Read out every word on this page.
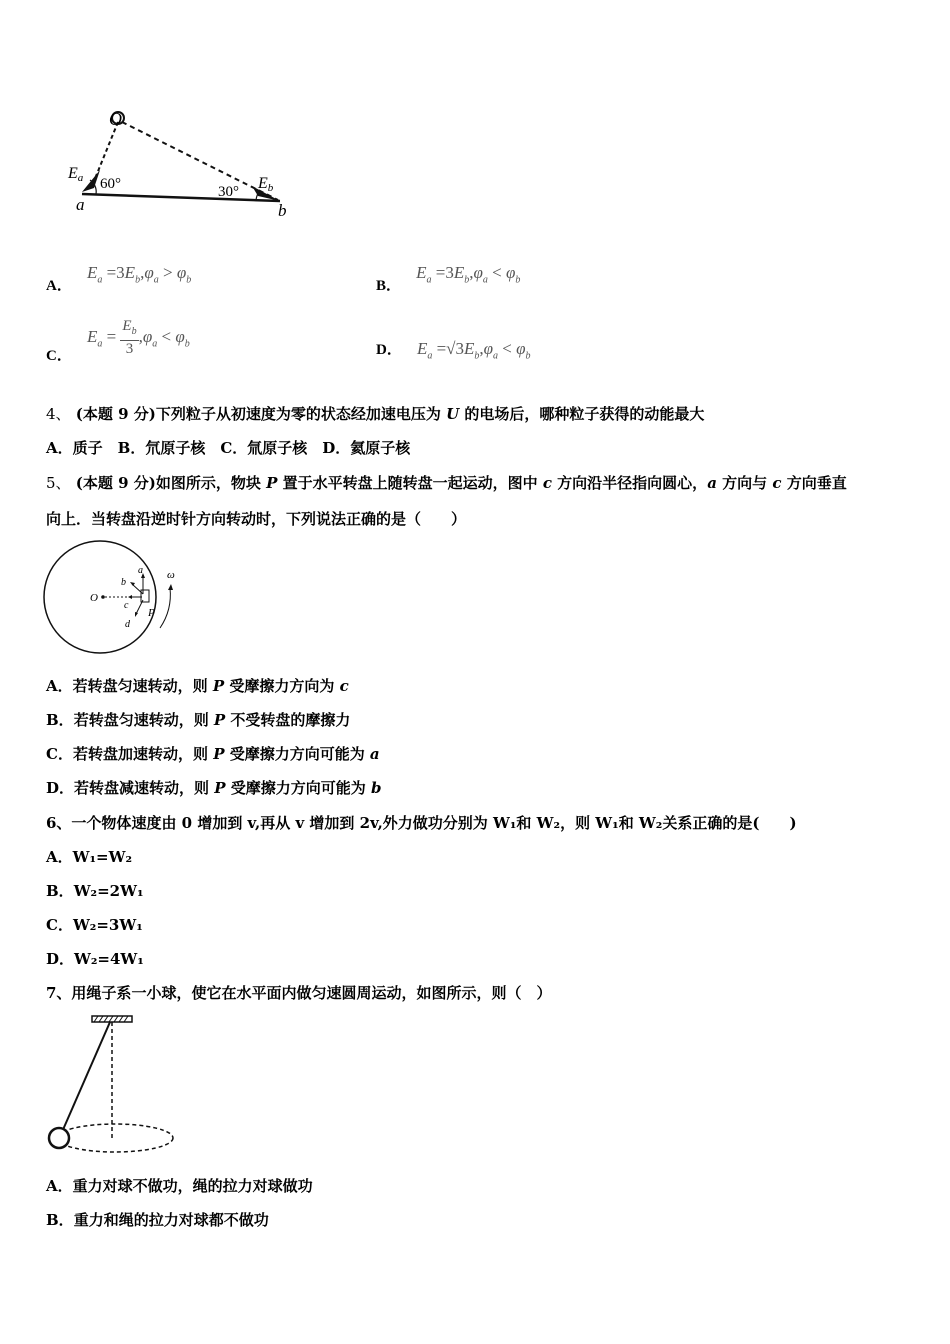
O
Ea 60°	30° Eb
a	b
A． $E_a =3E_b,\varphi_a > \varphi_b$	B． $E_a =3E_b,\varphi_a < \varphi_b$
C． $E_a = \frac{E_b}{3} ,\varphi_a < \varphi_b$	D． $E_a =√3E_b,\varphi_a < \varphi_b$
4、 (本题 9 分)下列粒子从初速度为零的状态经加速电压为 U 的电场后，哪种粒子获得的动能最大
A．质子　B．氘原子核　C．氚原子核　D．氦原子核
5、 (本题 9 分)如图所示，物块 P 置于水平转盘上随转盘一起运动，图中 c 方向沿半径指向圆心，a 方向与 c 方向垂直
向上．当转盘沿逆时针方向转动时，下列说法正确的是（　　）
O
a
b
c
d
P
ω
A．若转盘匀速转动，则 P 受摩擦力方向为 c
B．若转盘匀速转动，则 P 不受转盘的摩擦力
C．若转盘加速转动，则 P 受摩擦力方向可能为 a
D．若转盘减速转动，则 P 受摩擦力方向可能为 b
6、一个物体速度由 0 增加到 v,再从 v 增加到 2v,外力做功分别为 W₁和 W₂，则 W₁和 W₂关系正确的是(　　)
A．W₁=W₂
B．W₂=2W₁
C．W₂=3W₁
D．W₂=4W₁
7、用绳子系一小球，使它在水平面内做匀速圆周运动，如图所示，则（　）
A．重力对球不做功，绳的拉力对球做功
B．重力和绳的拉力对球都不做功
